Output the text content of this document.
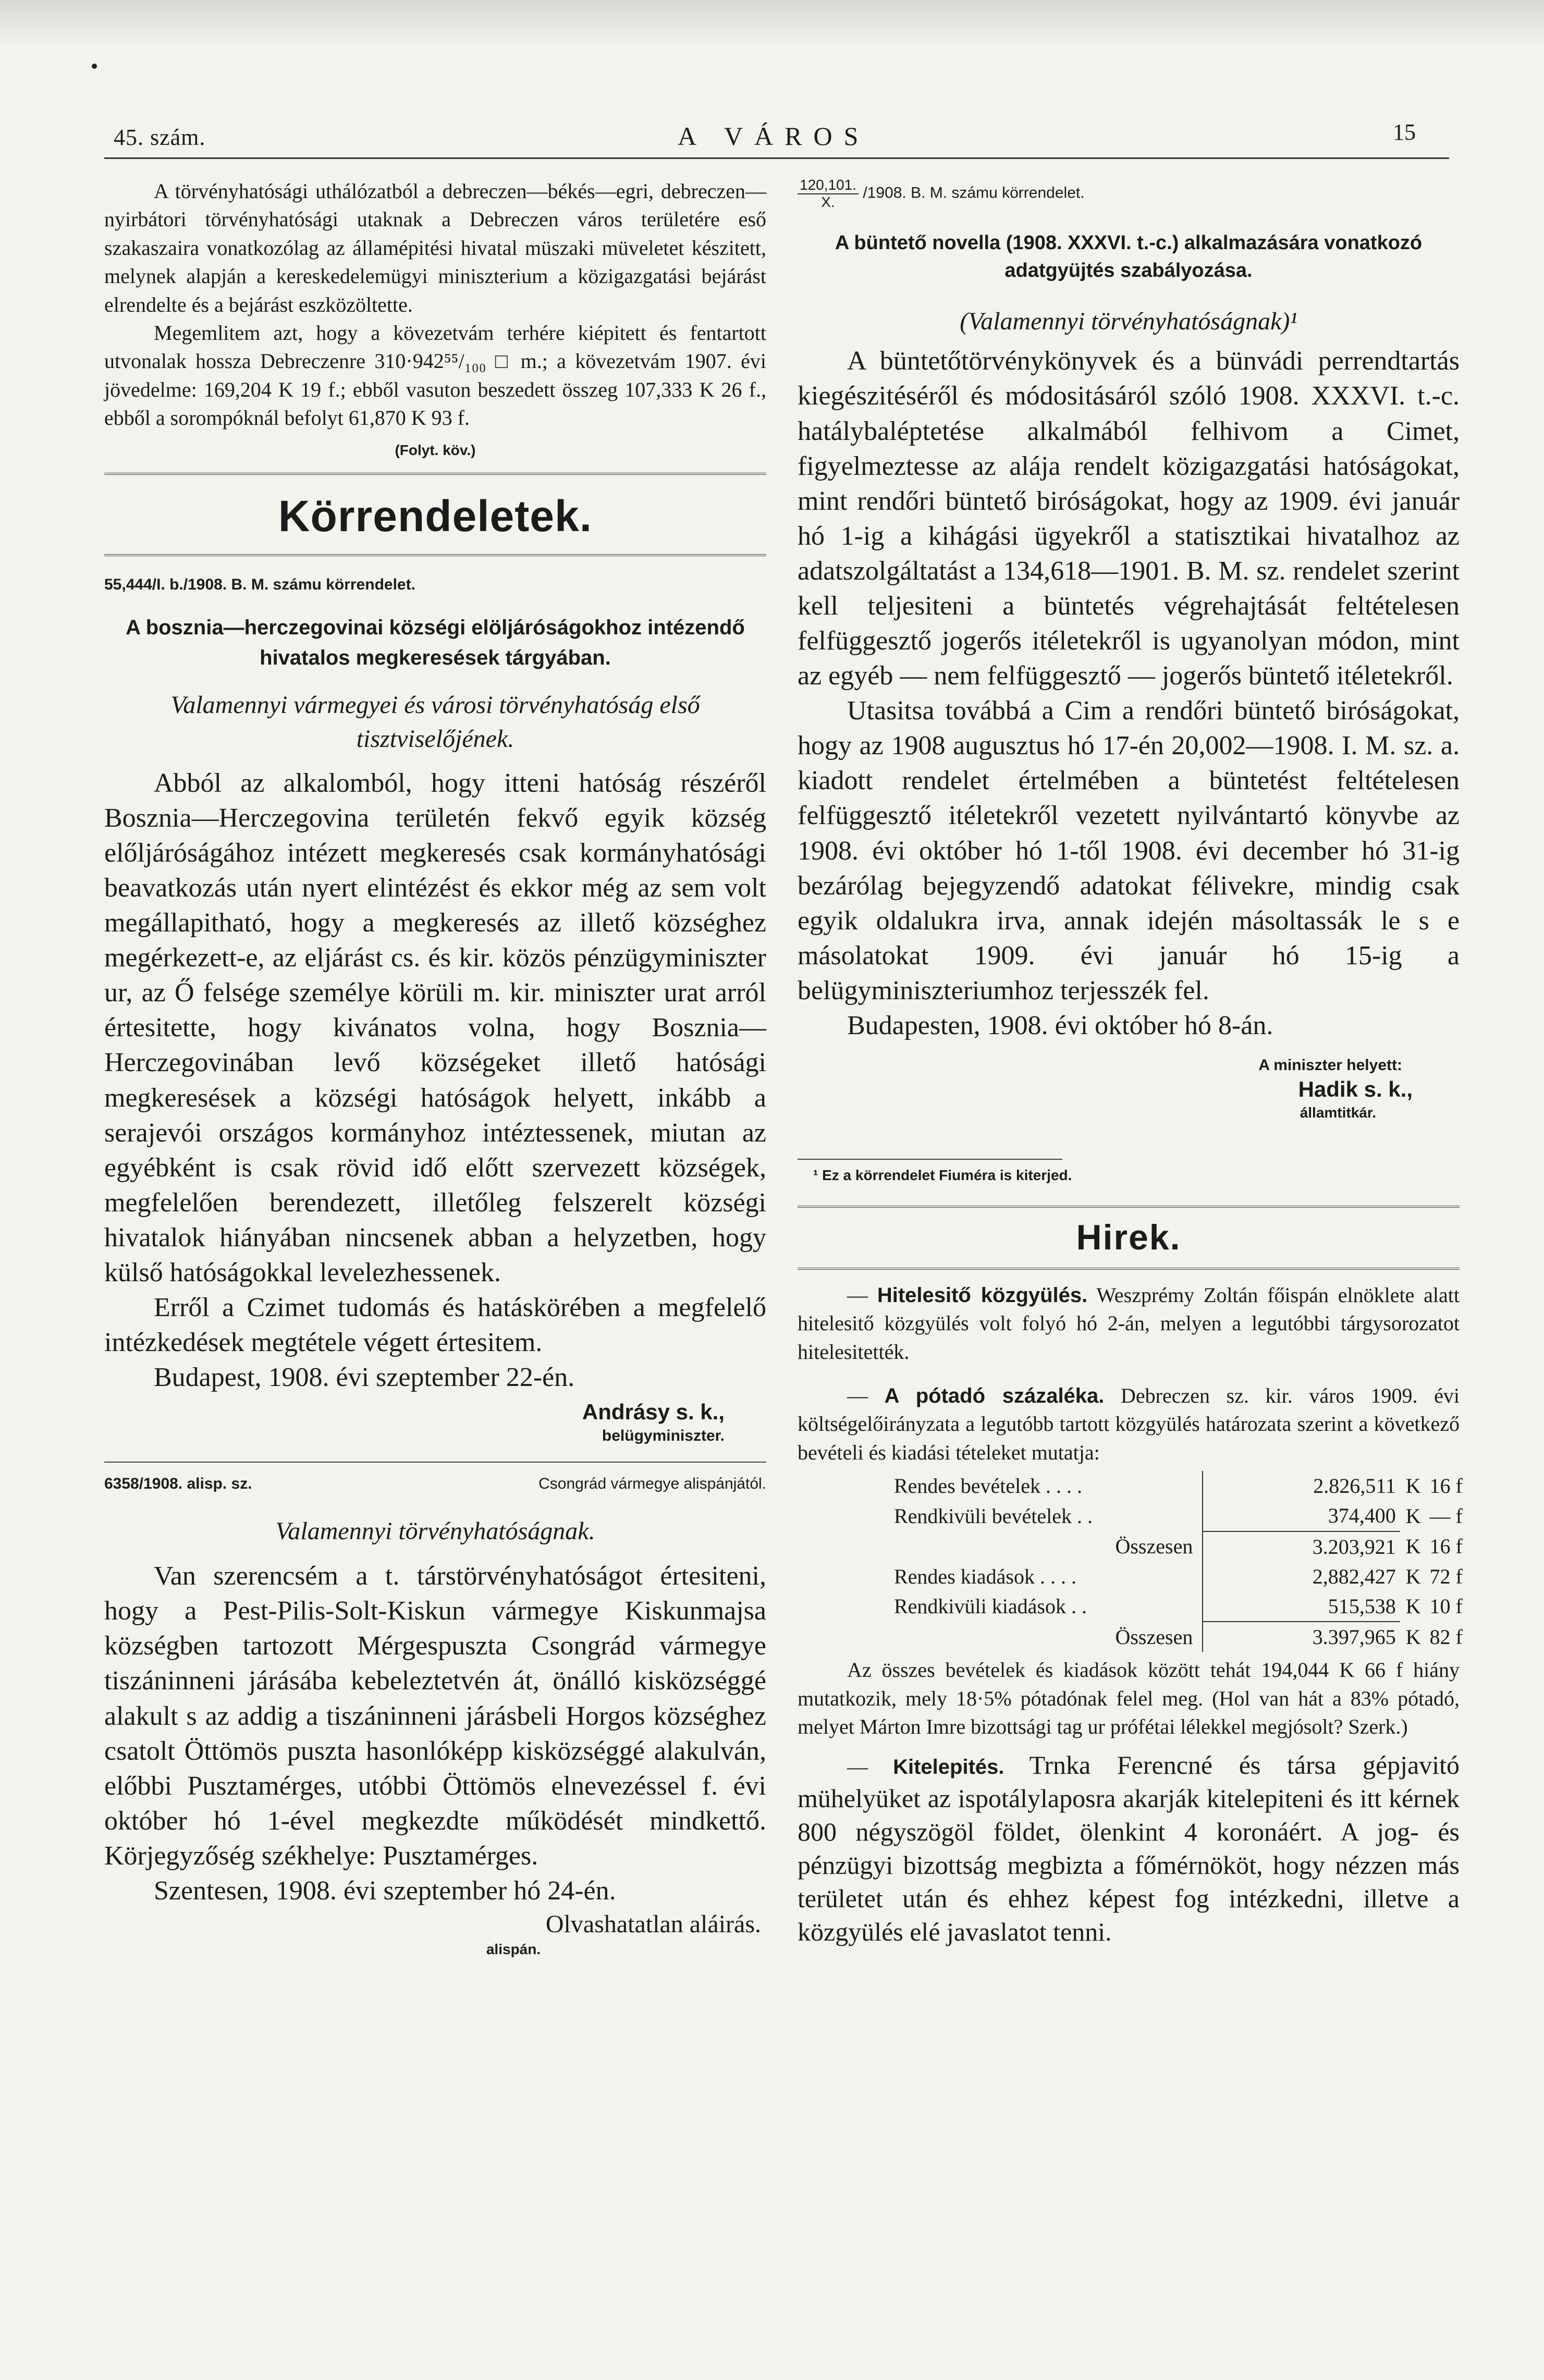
45. szám.	A VÁROS	15

A törvényhatósági uthálózatból a debreczen—békés—egri, debreczen—nyirbátori törvényhatósági utaknak a Debreczen város területére eső szakaszaira vonatkozólag az államépitési hivatal müszaki müveletet készitett, melynek alapján a kereskedelemügyi miniszterium a közigazgatási bejárást elrendelte és a bejárást eszközöltette.

Megemlitem azt, hogy a kövezetvám terhére kiépitett és fentartott utvonalak hossza Debreczenre 310·942⁵⁵/₁₀₀ □ m.; a kövezetvám 1907. évi jövedelme: 169,204 K 19 f.; ebből vasuton beszedett összeg 107,333 K 26 f., ebből a sorompóknál befolyt 61,870 K 93 f.

(Folyt. köv.)

Körrendeletek.

55,444/I. b./1908. B. M. számu körrendelet.

A bosznia—herczegovinai községi elöljáróságokhoz intézendő hivatalos megkeresések tárgyában.

Valamennyi vármegyei és városi törvényhatóság első tisztviselőjének.

Abból az alkalomból, hogy itteni hatóság részéről Bosznia—Herczegovina területén fekvő egyik község előljáróságához intézett megkeresés csak kormányhatósági beavatkozás után nyert elintézést és ekkor még az sem volt megállapitható, hogy a megkeresés az illető községhez megérkezett-e, az eljárást cs. és kir. közös pénzügyminiszter ur, az Ő felsége személye körüli m. kir. miniszter urat arról értesitette, hogy kivánatos volna, hogy Bosznia—Herczegovinában levő községeket illető hatósági megkeresések a községi hatóságok helyett, inkább a serajevói országos kormányhoz intéztessenek, miutan az egyébként is csak rövid idő előtt szervezett községek, megfelelően berendezett, illetőleg felszerelt községi hivatalok hiányában nincsenek abban a helyzetben, hogy külső hatóságokkal levelezhessenek.

Erről a Czimet tudomás és hatáskörében a megfelelő intézkedések megtétele végett értesitem.

Budapest, 1908. évi szeptember 22-én.

Andrásy s. k.,

belügyminiszter.

6358/1908. alisp. sz.	Csongrád vármegye alispánjától.

Valamennyi törvényhatóságnak.

Van szerencsém a t. társtörvényhatóságot értesiteni, hogy a Pest-Pilis-Solt-Kiskun vármegye Kiskunmajsa községben tartozott Mérgespuszta Csongrád vármegye tiszáninneni járásába kebeleztetvén át, önálló kisközséggé alakult s az addig a tiszáninneni járásbeli Horgos községhez csatolt Öttömös puszta hasonlóképp kisközséggé alakulván, előbbi Pusztamérges, utóbbi Öttömös elnevezéssel f. évi október hó 1-ével megkezdte működését mindkettő. Körjegyzőség székhelye: Pusztamérges.

Szentesen, 1908. évi szeptember hó 24-én.

Olvashatatlan aláirás.

alispán.

$\frac{120,101.}{X.} /1908$. B. M. számu körrendelet.

A büntető novella (1908. XXXVI. t.-c.) alkalmazására vonatkozó adatgyüjtés szabályozása.

(Valamennyi törvényhatóságnak)¹

A büntetőtörvénykönyvek és a bünvádi perrendtartás kiegészitéséről és módositásáról szóló 1908. XXXVI. t.-c. hatálybaléptetése alkalmából felhivom a Cimet, figyelmeztesse az alája rendelt közigazgatási hatóságokat, mint rendőri büntető biróságokat, hogy az 1909. évi január hó 1-ig a kihágási ügyekről a statisztikai hivatalhoz az adatszolgáltatást a 134,618—1901. B. M. sz. rendelet szerint kell teljesiteni a büntetés végrehajtását feltételesen felfüggesztő jogerős itéletekről is ugyanolyan módon, mint az egyéb — nem felfüggesztő — jogerős büntető itéletekről.

Utasitsa továbbá a Cim a rendőri büntető biróságokat, hogy az 1908 augusztus hó 17-én 20,002—1908. I. M. sz. a. kiadott rendelet értelmében a büntetést feltételesen felfüggesztő itéletekről vezetett nyilvántartó könyvbe az 1908. évi október hó 1-től 1908. évi december hó 31-ig bezárólag bejegyzendő adatokat félivekre, mindig csak egyik oldalukra irva, annak idején másoltassák le s e másolatokat 1909. évi január hó 15-ig a belügyminiszteriumhoz terjesszék fel.

Budapesten, 1908. évi október hó 8-án.

A miniszter helyett:

Hadik s. k.,

államtitkár.

¹ Ez a körrendelet Fiuméra is kiterjed.

Hirek.

— Hitelesitő közgyülés. Weszprémy Zoltán főispán elnöklete alatt hitelesitő közgyülés volt folyó hó 2-án, melyen a legutóbbi tárgysorozatot hitelesitették.

— A pótadó százaléka. Debreczen sz. kir. város 1909. évi költségelőirányzata a legutóbb tartott közgyülés határozata szerint a következő bevételi és kiadási tételeket mutatja:

Rendes bevételek . . . .	2.826,511	K	16 f
Rendkivüli bevételek . .	374,400	K	— f
Összesen	3.203,921	K	16 f
Rendes kiadások . . . .	2,882,427	K	72 f
Rendkivüli kiadások . .	515,538	K	10 f
Összesen	3.397,965	K	82 f

Az összes bevételek és kiadások között tehát 194,044 K 66 f hiány mutatkozik, mely 18·5% pótadónak felel meg. (Hol van hát a 83% pótadó, melyet Márton Imre bizottsági tag ur prófétai lélekkel megjósolt? Szerk.)

— Kitelepités. Trnka Ferencné és társa gépjavitó mühelyüket az ispotálylaposra akarják kitelepiteni és itt kérnek 800 négyszögöl földet, ölenkint 4 koronáért. A jog- és pénzügyi bizottság megbizta a főmérnököt, hogy nézzen más területet után és ehhez képest fog intézkedni, illetve a közgyülés elé javaslatot tenni.
